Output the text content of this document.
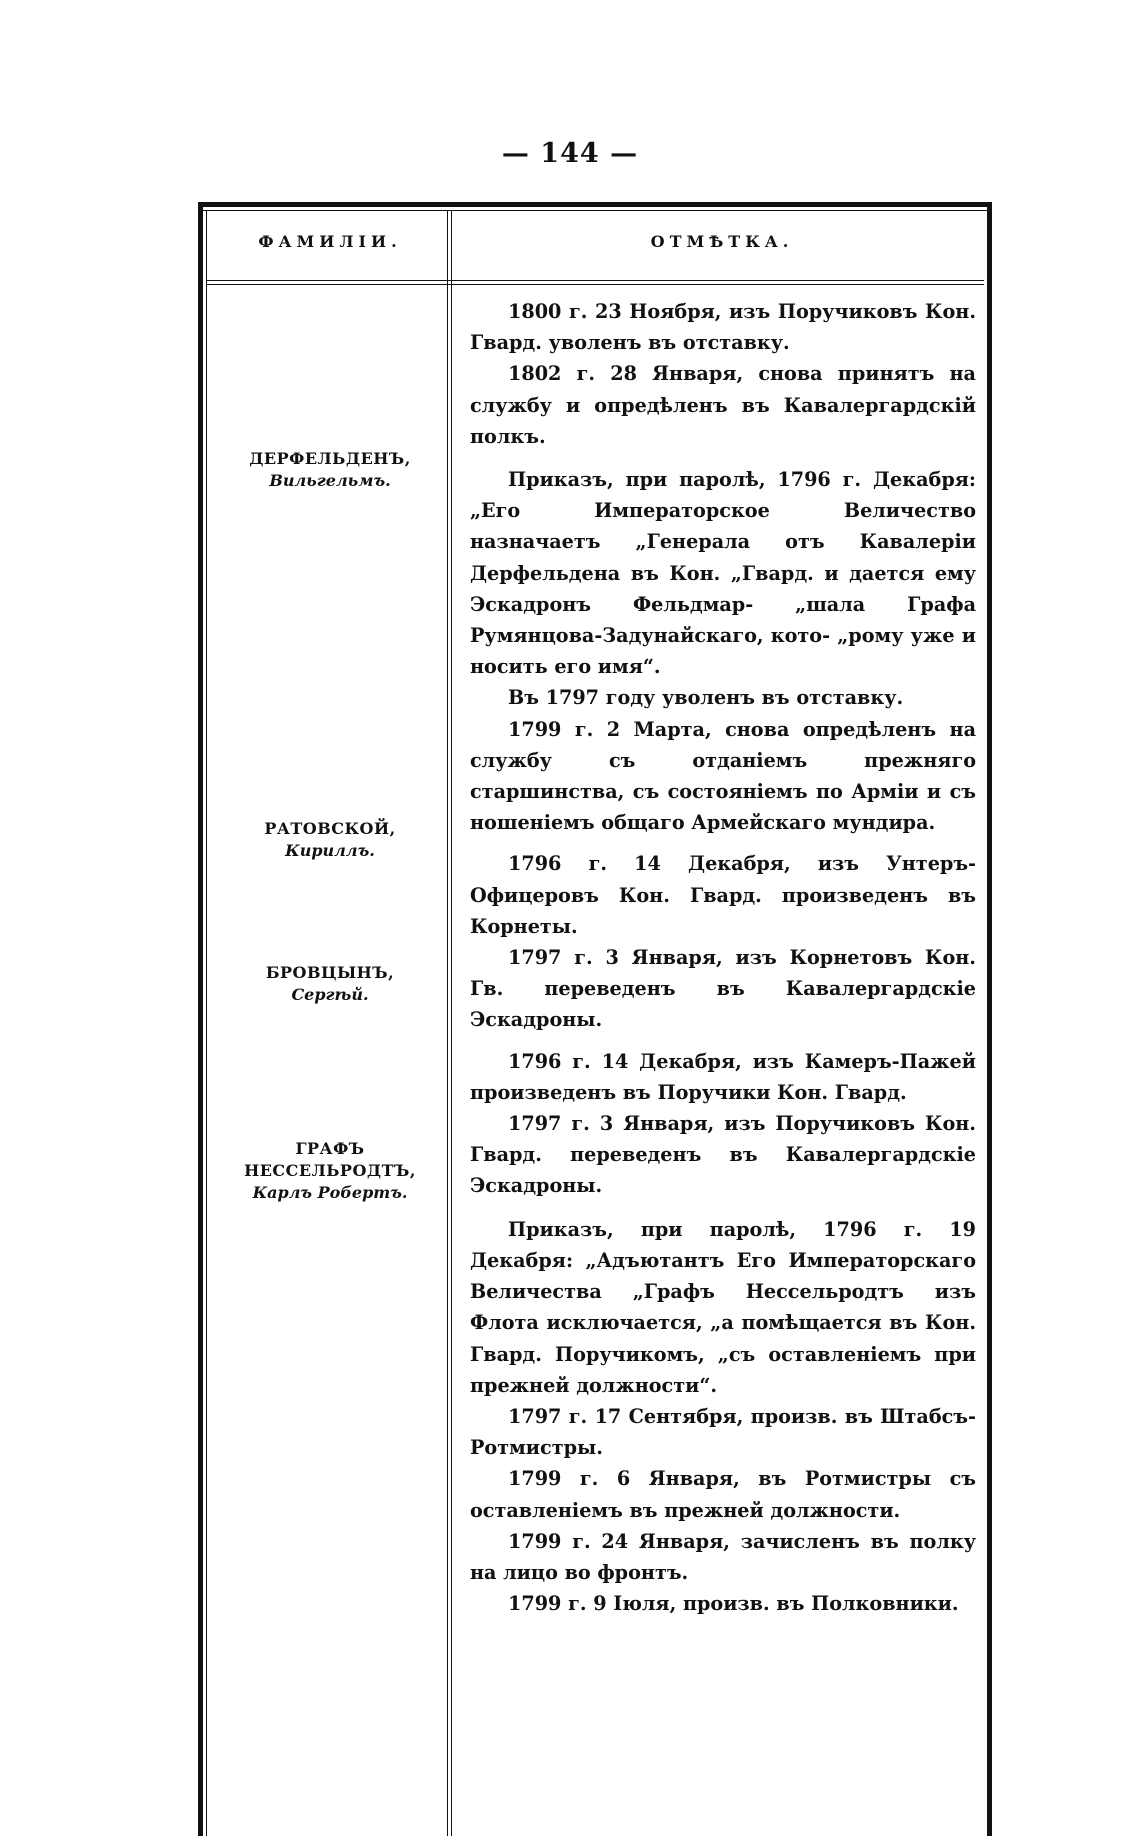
— 144 —
ФАМИЛIИ.	ОТМѢТКА.
ДЕРФЕЛЬДЕНЪ,
Вильгельмъ.
РАТОВСКОЙ,
Кириллъ.
БРОВЦЫНЪ,
Сергѣй.
ГРАФЪ НЕССЕЛЬРОДТЪ,
Карлъ Робертъ.

1800 г. 23 Ноября, изъ Поручиковъ Кон. Гвард. уволенъ въ отставку.

1802 г. 28 Января, снова принятъ на службу и опредѣленъ въ Кавалергардскiй полкъ.

Приказъ, при паролѣ, 1796 г. Декабря: „Его Императорское Величество назначаетъ „Генерала отъ Кавалерiи Дерфельдена въ Кон. „Гвард. и дается ему Эскадронъ Фельдмар- „шала Графа Румянцова-Задунайскаго, кото- „рому уже и носить его имя“.

Въ 1797 году уволенъ въ отставку.

1799 г. 2 Марта, снова опредѣленъ на службу съ отданiемъ прежняго старшинства, съ состоянiемъ по Армiи и съ ношенiемъ общаго Армейскаго мундира.

1796 г. 14 Декабря, изъ Унтеръ-Офицеровъ Кон. Гвард. произведенъ въ Корнеты.

1797 г. 3 Января, изъ Корнетовъ Кон. Гв. переведенъ въ Кавалергардскiе Эскадроны.

1796 г. 14 Декабря, изъ Камеръ-Пажей произведенъ въ Поручики Кон. Гвард.

1797 г. 3 Января, изъ Поручиковъ Кон. Гвард. переведенъ въ Кавалергардскiе Эскадроны.

Приказъ, при паролѣ, 1796 г. 19 Декабря: „Адъютантъ Его Императорскаго Величества „Графъ Нессельродтъ изъ Флота исключается, „а помѣщается въ Кон. Гвард. Поручикомъ, „съ оставленiемъ при прежней должности“.

1797 г. 17 Сентября, произв. въ Штабсъ-Ротмистры.

1799 г. 6 Января, въ Ротмистры съ оставленiемъ въ прежней должности.

1799 г. 24 Января, зачисленъ въ полку на лицо во фронтъ.

1799 г. 9 Iюля, произв. въ Полковники.
